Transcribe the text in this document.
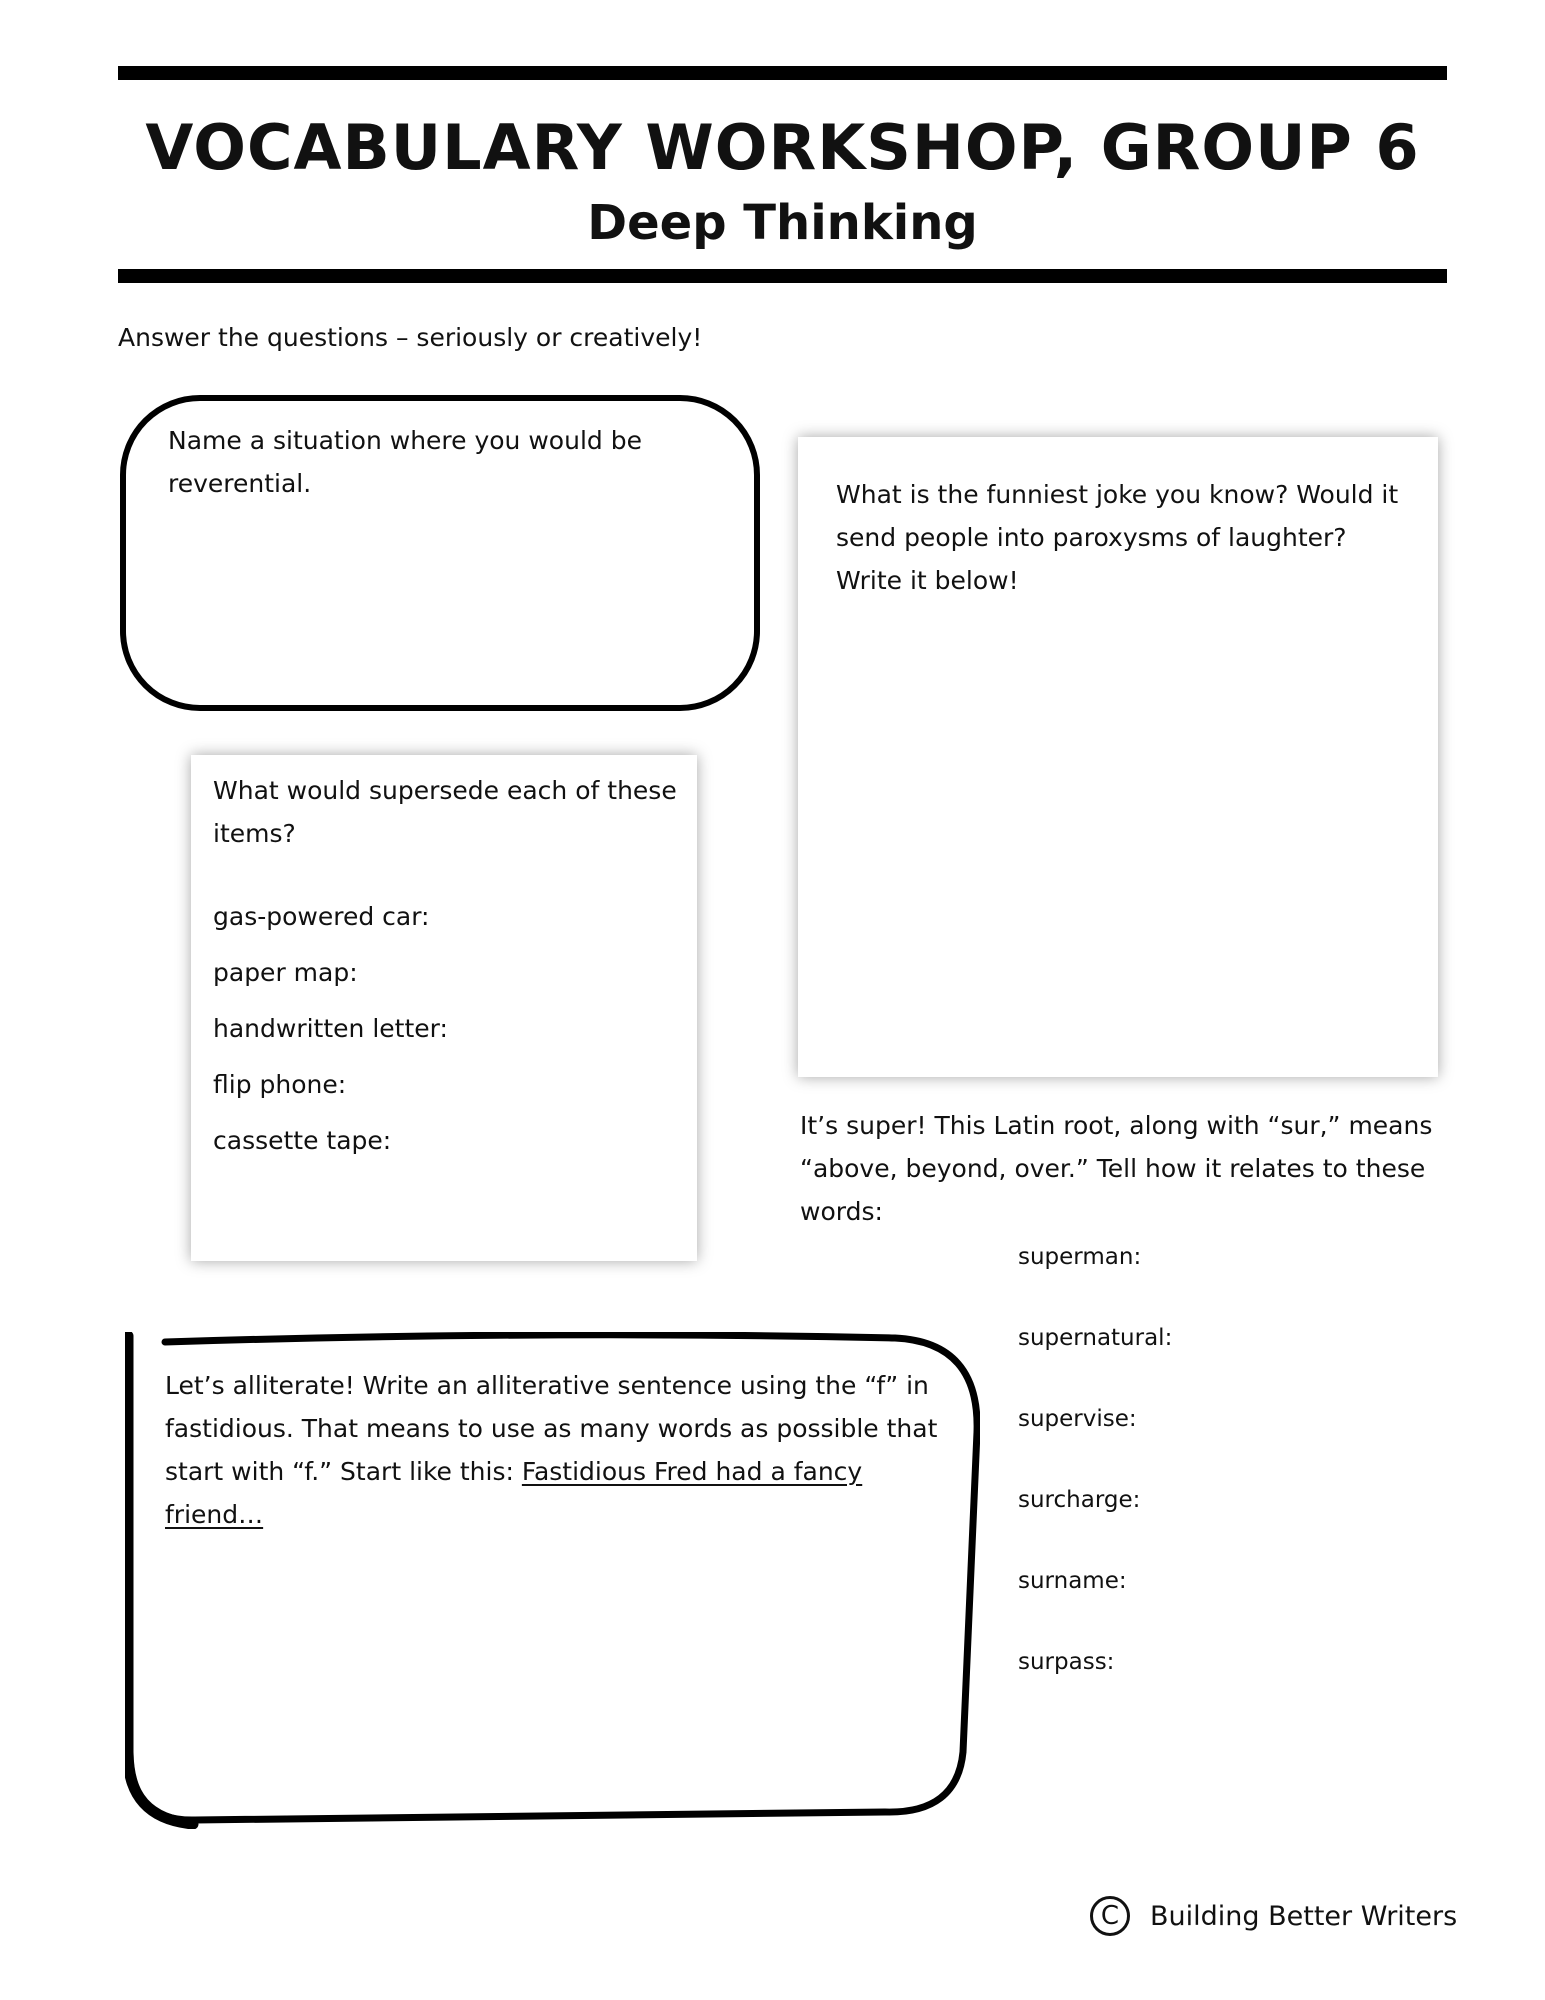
VOCABULARY WORKSHOP, GROUP 6
Deep Thinking
Answer the questions – seriously or creatively!
Name a situation where you would be reverential.	What is the funniest joke you know? Would it send people into paroxysms of laughter? Write it below!
What would supersede each of these items?
gas-powered car:
paper map:
handwritten letter:
flip phone:
cassette tape:
It’s super! This Latin root, along with “sur,” means “above, beyond, over.” Tell how it relates to these words:
superman:
supernatural:
supervise:
surcharge:
surname:
surpass:
Let’s alliterate! Write an alliterative sentence using the “f” in fastidious. That means to use as many words as possible that start with “f.” Start like this: Fastidious Fred had a fancy friend…
C	Building Better Writers
